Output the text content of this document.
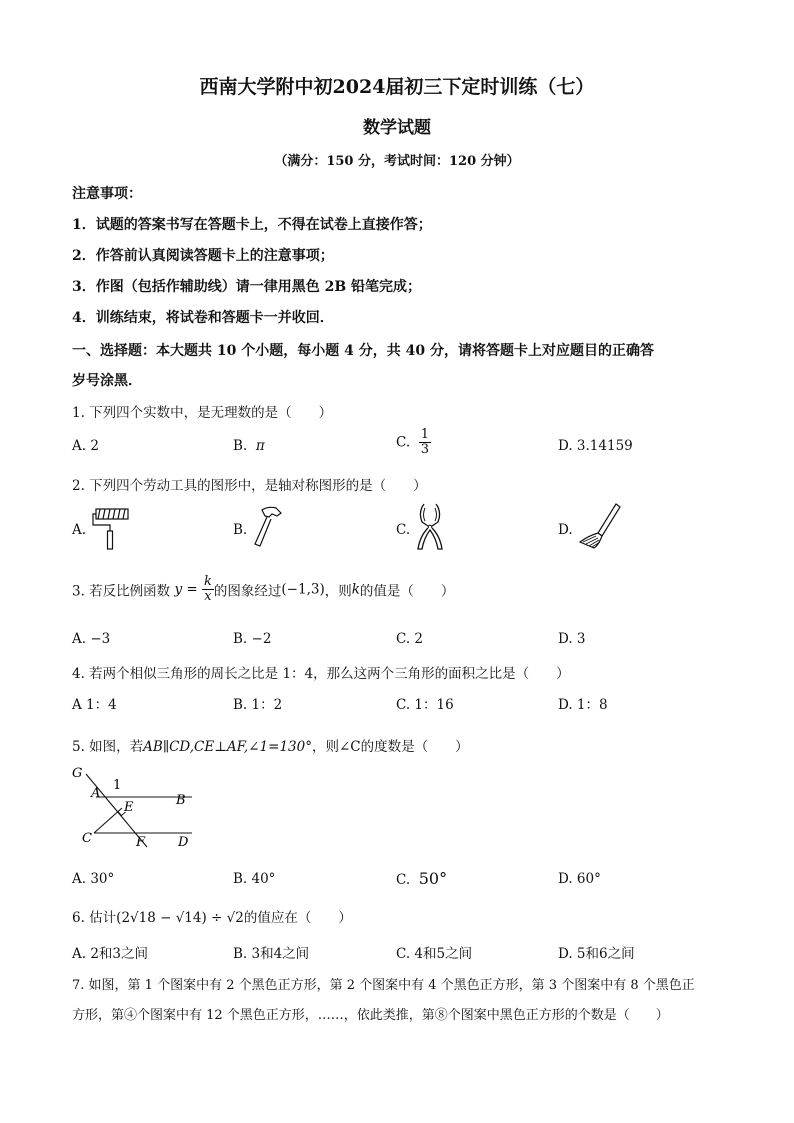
西南大学附中初2024届初三下定时训练（七）
数学试题
（满分：150 分，考试时间：120 分钟）
注意事项：
1．试题的答案书写在答题卡上，不得在试卷上直接作答；
2．作答前认真阅读答题卡上的注意事项；
3．作图（包括作辅助线）请一律用黑色 2B 铅笔完成；
4．训练结束，将试卷和答题卡一并收回．
一、选择题：本大题共 10 个小题，每小题 4 分，共 40 分，请将答题卡上对应题目的正确答
岁号涂黑．
1. 下列四个实数中，是无理数的是（　　）
A. 2	B. π	C. $\frac{1}{3}$	D. 3.14159
2. 下列四个劳动工具的图形中，是轴对称图形的是（　　）
A.	B.	C.	D.
3. 若反比例函数 $y = \frac{k}{x}$ 的图象经过(−1,3)，则k的值是（　　）
A. −3	B. −2	C. 2	D. 3
4. 若两个相似三角形的周长之比是 1：4，那么这两个三角形的面积之比是（　　）
A 1：4	B. 1：2	C. 1：16	D. 1：8
5. 如图，若AB∥CD,CE⊥AF,∠1=130°，则∠C的度数是（　　）
G
1
A	B
E
C	F	D
A. 30°	B. 40°	C. 50°	D. 60°
6. 估计(2√18 − √14) ÷ √2的值应在（　　）
A. 2和3之间	B. 3和4之间	C. 4和5之间	D. 5和6之间
7. 如图，第 1 个图案中有 2 个黑色正方形，第 2 个图案中有 4 个黑色正方形，第 3 个图案中有 8 个黑色正
方形，第④个图案中有 12 个黑色正方形，……，依此类推，第⑧个图案中黑色正方形的个数是（　　）
